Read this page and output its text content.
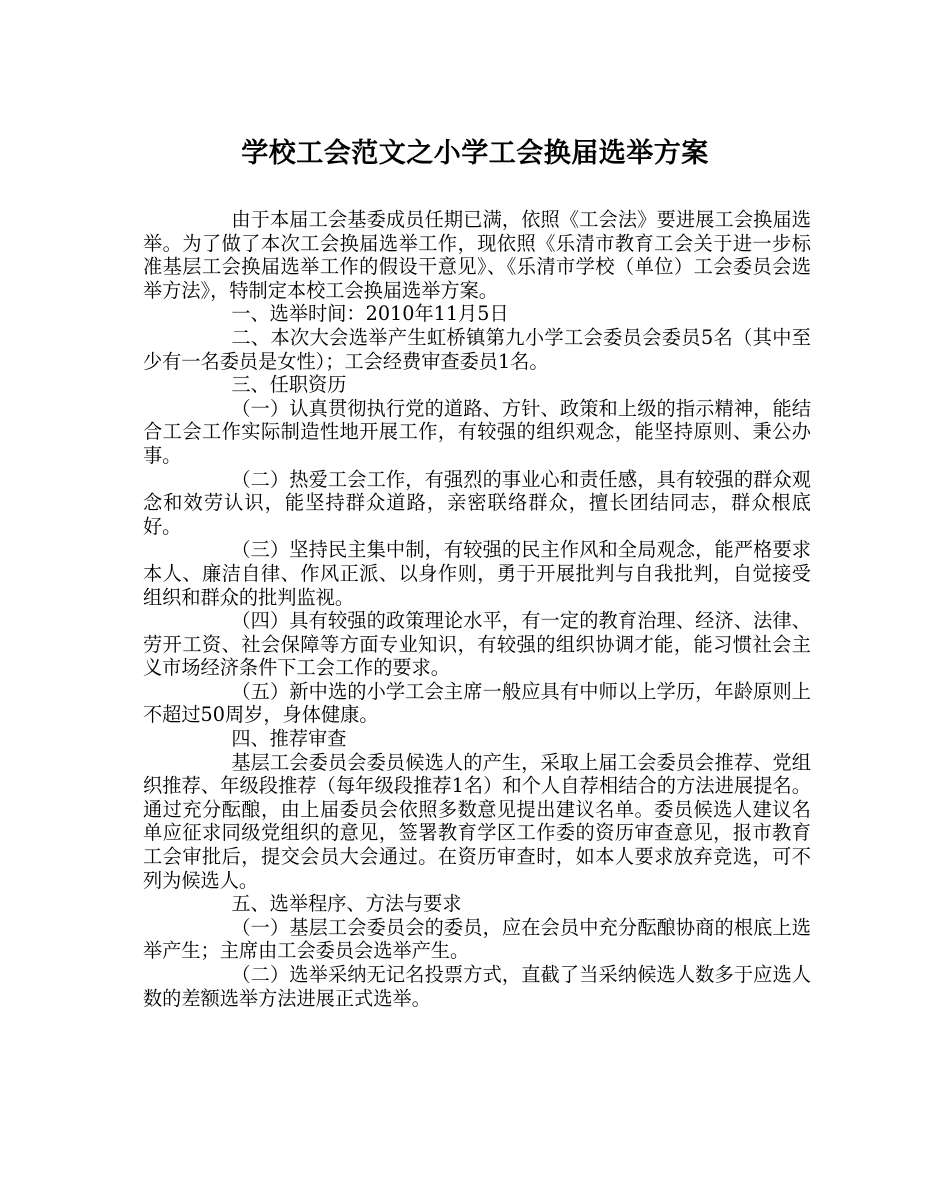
学校工会范文之小学工会换届选举方案

由于本届工会基委成员任期已满，依照《工会法》要进展工会换届选举。为了做了本次工会换届选举工作，现依照《乐清市教育工会关于进一步标准基层工会换届选举工作的假设干意见》、《乐清市学校（单位）工会委员会选举方法》，特制定本校工会换届选举方案。

一、选举时间：2010年11月5日

二、本次大会选举产生虹桥镇第九小学工会委员会委员5名（其中至少有一名委员是女性）；工会经费审查委员1名。

三、任职资历

（一）认真贯彻执行党的道路、方针、政策和上级的指示精神，能结合工会工作实际制造性地开展工作，有较强的组织观念，能坚持原则、秉公办事。

（二）热爱工会工作，有强烈的事业心和责任感，具有较强的群众观念和效劳认识，能坚持群众道路，亲密联络群众，擅长团结同志，群众根底好。

（三）坚持民主集中制，有较强的民主作风和全局观念，能严格要求本人、廉洁自律、作风正派、以身作则，勇于开展批判与自我批判，自觉接受组织和群众的批判监视。

（四）具有较强的政策理论水平，有一定的教育治理、经济、法律、劳开工资、社会保障等方面专业知识，有较强的组织协调才能，能习惯社会主义市场经济条件下工会工作的要求。

（五）新中选的小学工会主席一般应具有中师以上学历，年龄原则上不超过50周岁，身体健康。

四、推荐审查

基层工会委员会委员候选人的产生，采取上届工会委员会推荐、党组织推荐、年级段推荐（每年级段推荐1名）和个人自荐相结合的方法进展提名。通过充分酝酿，由上届委员会依照多数意见提出建议名单。委员候选人建议名单应征求同级党组织的意见，签署教育学区工作委的资历审查意见，报市教育工会审批后，提交会员大会通过。在资历审查时，如本人要求放弃竞选，可不列为候选人。

五、选举程序、方法与要求

（一）基层工会委员会的委员，应在会员中充分酝酿协商的根底上选举产生；主席由工会委员会选举产生。

（二）选举采纳无记名投票方式，直截了当采纳候选人数多于应选人数的差额选举方法进展正式选举。
